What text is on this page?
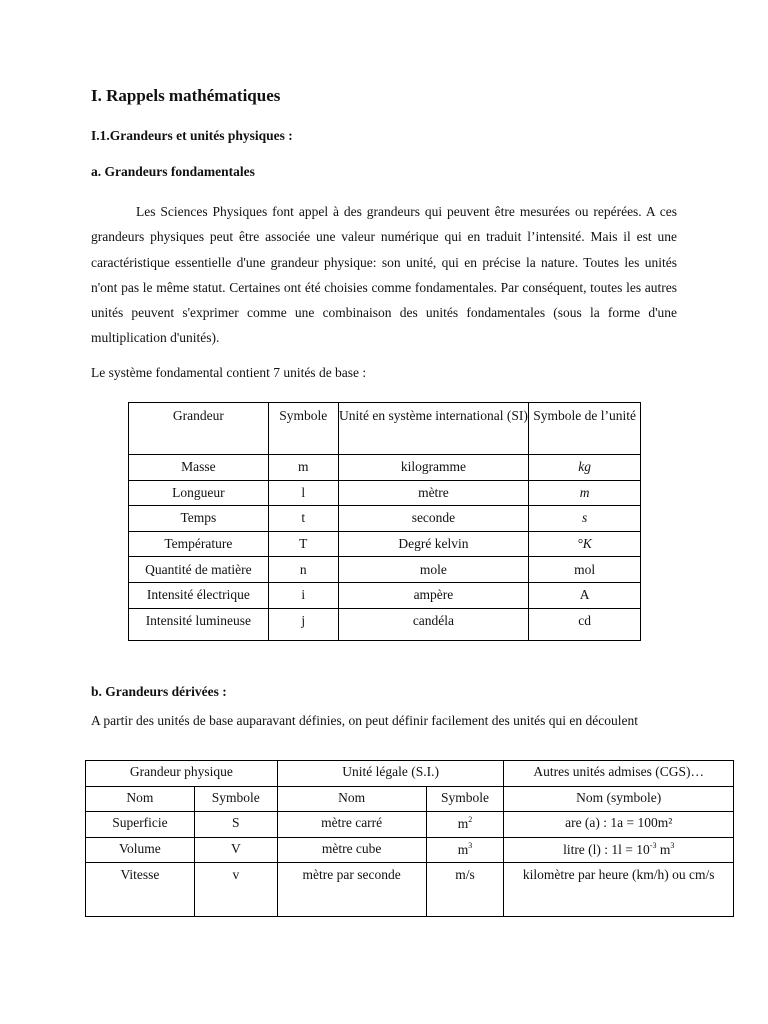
I. Rappels mathématiques
I.1.Grandeurs et unités physiques :
a. Grandeurs fondamentales

Les Sciences Physiques font appel à des grandeurs qui peuvent être mesurées ou repérées. A ces grandeurs physiques peut être associée une valeur numérique qui en traduit l’intensité. Mais il est une caractéristique essentielle d'une grandeur physique: son unité, qui en précise la nature. Toutes les unités n'ont pas le même statut. Certaines ont été choisies comme fondamentales. Par conséquent, toutes les autres unités peuvent s'exprimer comme une combinaison des unités fondamentales (sous la forme d'une multiplication d'unités).

Le système fondamental contient 7 unités de base :
Grandeur	Symbole	Unité en système international (SI)	Symbole de l’unité
Masse	m	kilogramme	kg
Longueur	l	mètre	m
Temps	t	seconde	s
Température	T	Degré kelvin	°K
Quantité de matière	n	mole	mol
Intensité électrique	i	ampère	A
Intensité lumineuse	j	candéla	cd
b. Grandeurs dérivées :

A partir des unités de base auparavant définies, on peut définir facilement des unités qui en découlent

Grandeur physique		Unité légale (S.I.)		Autres unités admises (CGS)…
Nom	Symbole	Nom	Symbole	Nom (symbole)
Superficie	S	mètre carré	$m^2$	are (a) : 1a = 100m²
Volume	V	mètre cube	$m^3$	litre (l) : $1l = 10^{-3}$ $m^3$
Vitesse	v	mètre par seconde	m/s	kilomètre par heure (km/h) ou cm/s
